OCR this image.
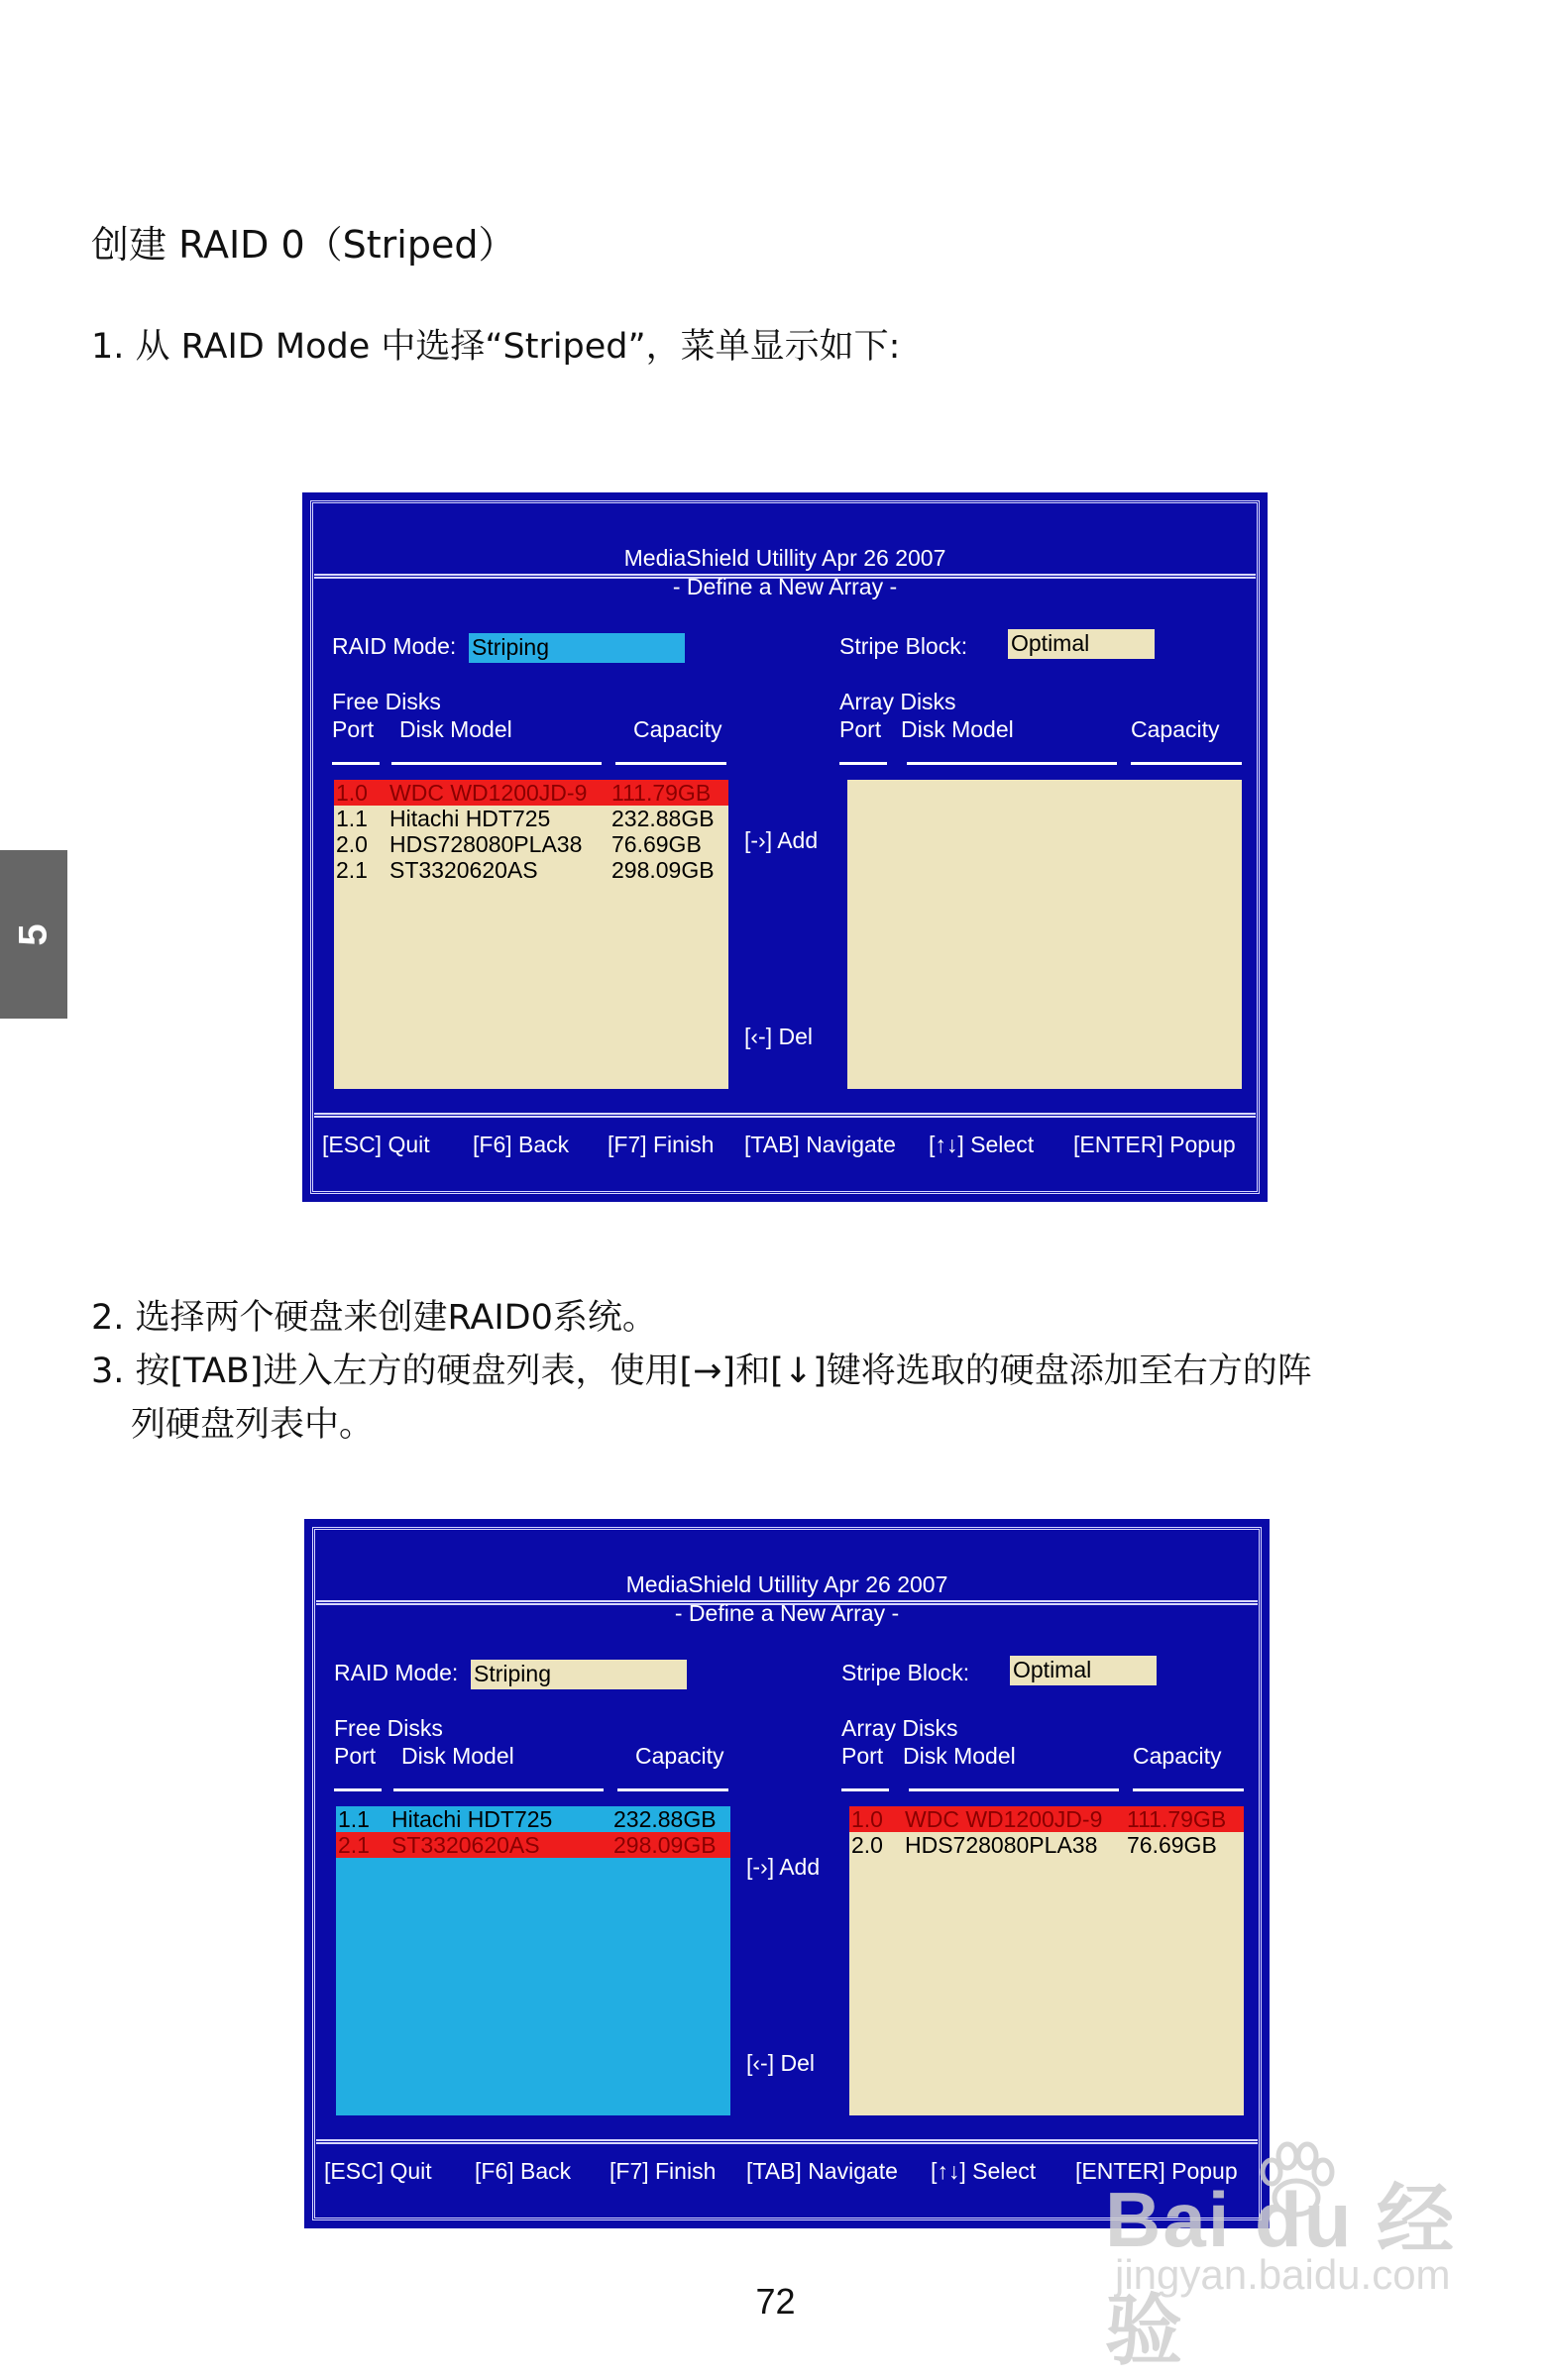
创建 RAID 0（Striped）
1. 从 RAID Mode 中选择“Striped”，菜单显示如下:
2. 选择两个硬盘来创建RAID0系统。
3. 按[TAB]进入左方的硬盘列表，使用[→]和[↓]键将选取的硬盘添加至右方的阵
列硬盘列表中。
5
MediaShield Utillity Apr 26 2007
- Define a New Array -
RAID Mode: Striping	Stripe Block: Optimal
Free Disks
Port Disk Model	Capacity
Array Disks
Port Disk Model	Capacity
1.0 WDC WD1200JD-9 111.79GB
1.1 Hitachi HDT725	232.88GB
2.0 HDS728080PLA38 76.69GB
2.1 ST3320620AS	298.09GB
[-›] Add
[‹-] Del
[ESC] Quit [F6] Back [F7] Finish [TAB] Navigate [↑↓] Select [ENTER] Popup
MediaShield Utillity Apr 26 2007
- Define a New Array -
RAID Mode: Striping	Stripe Block: Optimal
Free Disks
Port Disk Model	Capacity
Array Disks
Port Disk Model	Capacity
1.1 Hitachi HDT725	232.88GB
2.1 ST3320620AS	298.09GB
[-›] Add
[‹-] Del
1.0 WDC WD1200JD-9 111.79GB
2.0 HDS728080PLA38 76.69GB
[ESC] Quit [F6] Back [F7] Finish [TAB] Navigate [↑↓] Select [ENTER] Popup
72
Bai du 经验
jingyan.baidu.com
